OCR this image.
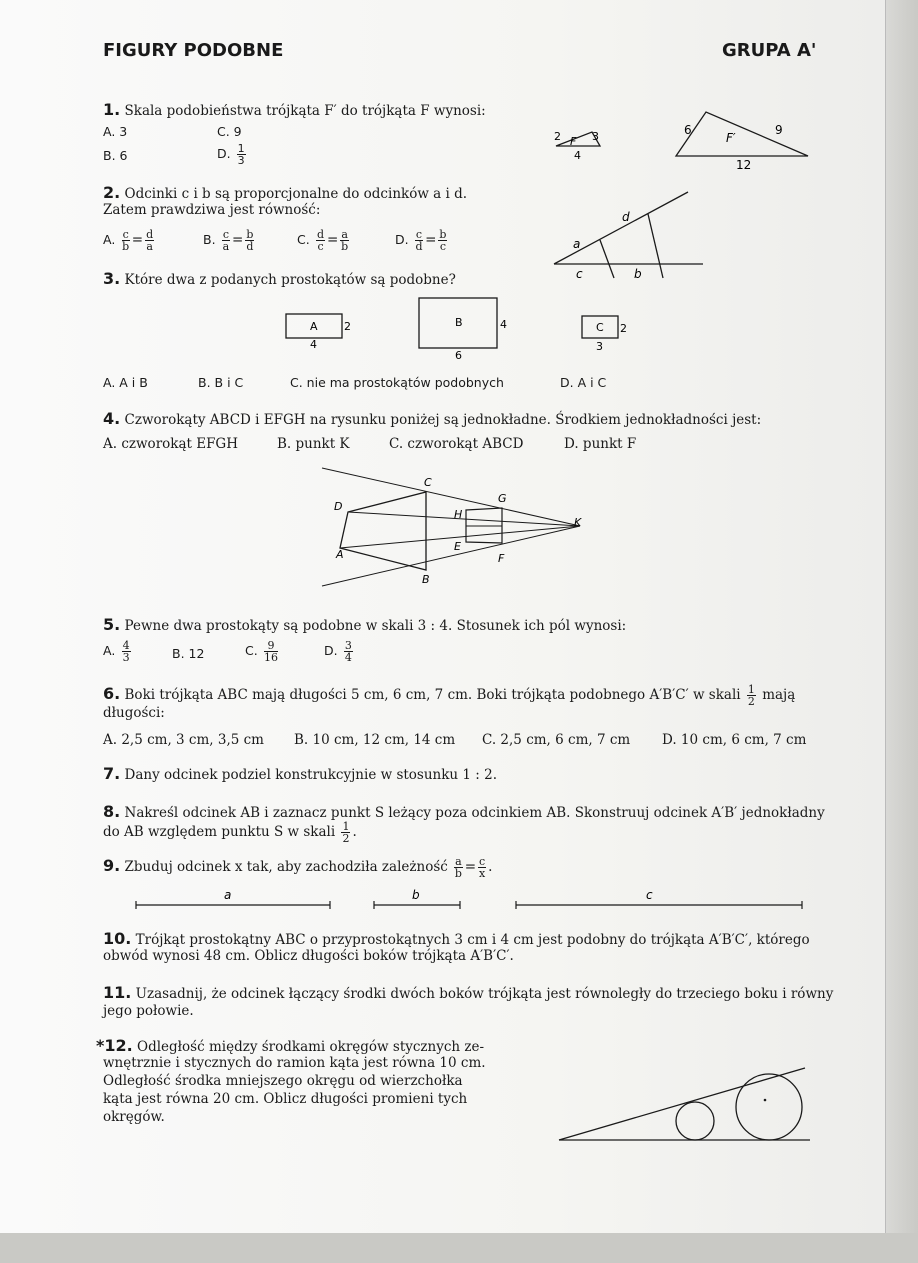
FIGURY PODOBNE	GRUPA A'
1. Skala podobieństwa trójkąta F′ do trójkąta F wynosi:
A. 3	C. 9
B. 6	D. $\frac{1}{3}$
2 F 3
4
6
F′
9
12
2. Odcinki c i b są proporcjonalne do odcinków a i d.
Zatem prawdziwa jest równość:
A. $\frac{c}{b} = \frac{d}{a}$	B. $\frac{c}{a} = \frac{b}{d}$	C. $\frac{d}{c} = \frac{a}{b}$	D. $\frac{c}{d} = \frac{b}{c}$
d
a
c	b
3. Które dwa z podanych prostokątów są podobne?
A 2
4
B	4
6
C 2
3
A. A i B	B. B i C	C. nie ma prostokątów podobnych	D. A i C
4. Czworokąty ABCD i EFGH na rysunku poniżej są jednokładne. Środkiem jednokładności jest:
A. czworokąt EFGH	B. punkt K	C. czworokąt ABCD	D. punkt F
C
D
H
G
K
E
A	F
B
5. Pewne dwa prostokąty są podobne w skali 3 : 4. Stosunek ich pól wynosi:
A. $\frac{4}{3}$	B. 12	C. $\frac{9}{16}$	D. $\frac{3}{4}$
6. Boki trójkąta ABC mają długości 5 cm, 6 cm, 7 cm. Boki trójkąta podobnego A′B′C′ w skali $\frac{1}{2}$ mają
długości:
A. 2,5 cm, 3 cm, 3,5 cm B. 10 cm, 12 cm, 14 cm C. 2,5 cm, 6 cm, 7 cm D. 10 cm, 6 cm, 7 cm
7. Dany odcinek podziel konstrukcyjnie w stosunku 1 : 2.
8. Nakreśl odcinek AB i zaznacz punkt S leżący poza odcinkiem AB. Skonstruuj odcinek A′B′ jednokładny
do AB względem punktu S w skali $\frac{1}{2}$ .
9. Zbuduj odcinek x tak, aby zachodziła zależność $\frac{a}{b} = \frac{c}{x}$ .
a	b	c
10. Trójkąt prostokątny ABC o przyprostokątnych 3 cm i 4 cm jest podobny do trójkąta A′B′C′, którego
obwód wynosi 48 cm. Oblicz długości boków trójkąta A′B′C′.
11. Uzasadnij, że odcinek łączący środki dwóch boków trójkąta jest równoległy do trzeciego boku i równy
jego połowie.
*12. Odległość między środkami okręgów stycznych ze-
wnętrznie i stycznych do ramion kąta jest równa 10 cm.
Odległość środka mniejszego okręgu od wierzchołka
kąta jest równa 20 cm. Oblicz długości promieni tych
okręgów.
